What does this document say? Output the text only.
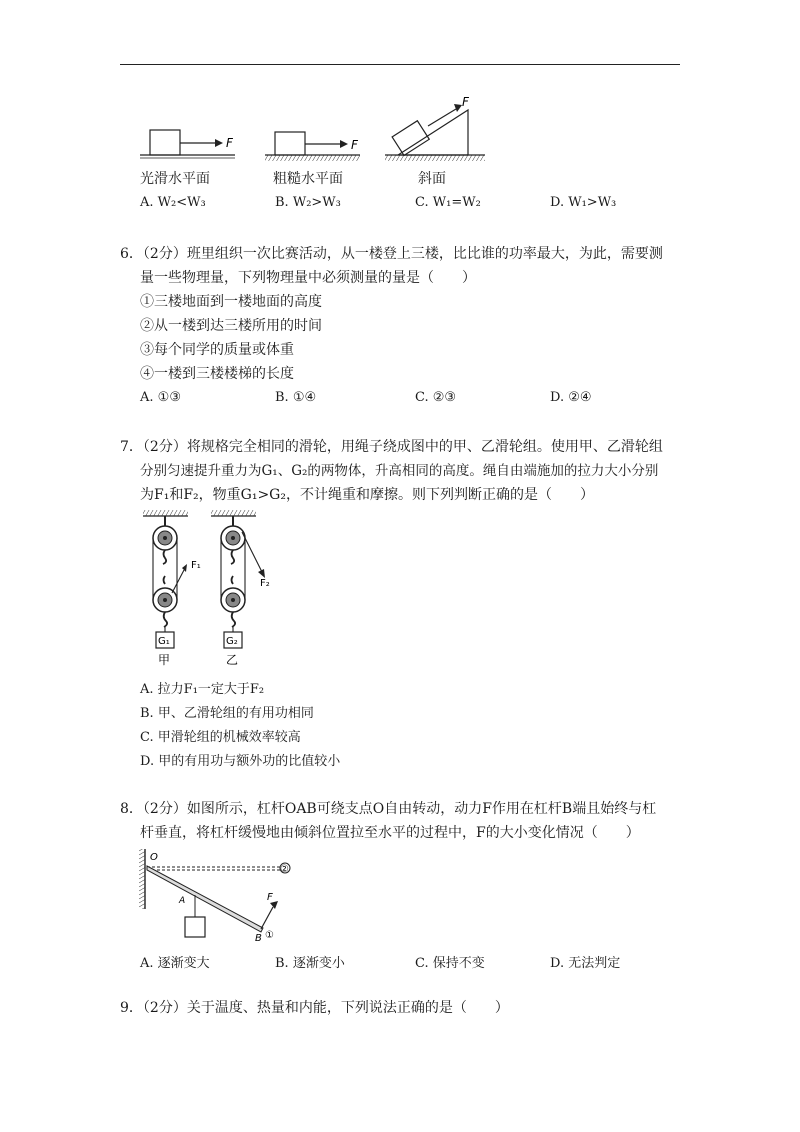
F
光滑水平面
F
粗糙水平面
F
斜面
A. W₂<W₃	B. W₂>W₃	C. W₁=W₂	D. W₁>W₃
6．（2分）班里组织一次比赛活动，从一楼登上三楼，比比谁的功率最大，为此，需要测
量一些物理量，下列物理量中必须测量的量是（　　）
①三楼地面到一楼地面的高度
②从一楼到达三楼所用的时间
③每个同学的质量或体重
④一楼到三楼楼梯的长度
A. ①③	B. ①④	C. ②③	D. ②④
7．（2分）将规格完全相同的滑轮，用绳子绕成图中的甲、乙滑轮组。使用甲、乙滑轮组
分别匀速提升重力为G₁、G₂的两物体，升高相同的高度。绳自由端施加的拉力大小分别
为F₁和F₂，物重G₁>G₂，不计绳重和摩擦。则下列判断正确的是（　　）
F₁
G₁
甲
F₂
G₂
乙
A. 拉力F₁一定大于F₂
B. 甲、乙滑轮组的有用功相同
C. 甲滑轮组的机械效率较高
D. 甲的有用功与额外功的比值较小
8．（2分）如图所示，杠杆OAB可绕支点O自由转动，动力F作用在杠杆B端且始终与杠
杆垂直，将杠杆缓慢地由倾斜位置拉至水平的过程中，F的大小变化情况（　　）
O
②
A	F
B ①
A. 逐渐变大	B. 逐渐变小	C. 保持不变	D. 无法判定
9．（2分）关于温度、热量和内能，下列说法正确的是（　　）
